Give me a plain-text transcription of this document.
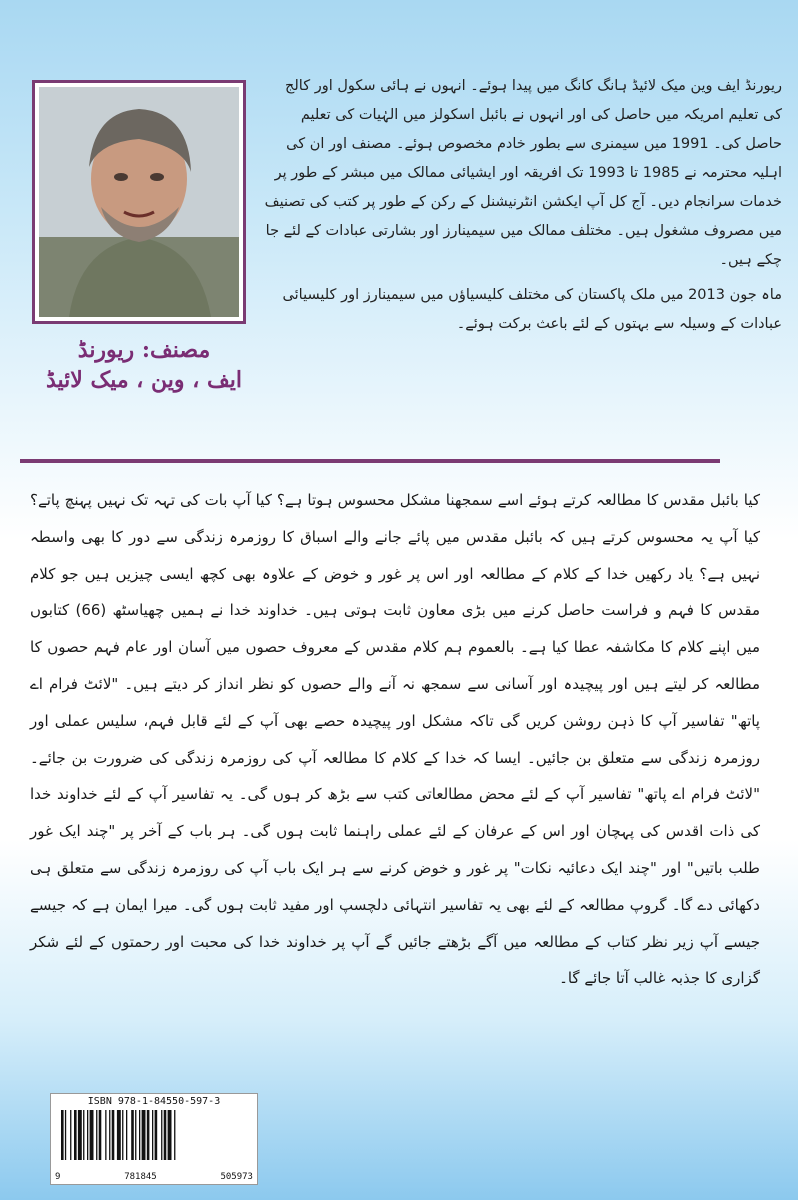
مصنف: ریورنڈ
ایف ، وین ، میک لائیڈ

ریورنڈ ایف وین میک لائیڈ ہانگ کانگ میں پیدا ہوئے۔ انہوں نے ہائی سکول اور کالج کی تعلیم امریکہ میں حاصل کی اور انہوں نے بائبل اسکولز میں الہٰیات کی تعلیم حاصل کی۔ 1991 میں سیمنری سے بطور خادم مخصوص ہوئے۔ مصنف اور ان کی اہلیہ محترمہ نے 1985 تا 1993 تک افریقہ اور ایشیائی ممالک میں مبشر کے طور پر خدمات سرانجام دیں۔ آج کل آپ ایکشن انٹرنیشنل کے رکن کے طور پر کتب کی تصنیف میں مصروف مشغول ہیں۔ مختلف ممالک میں سیمینارز اور بشارتی عبادات کے لئے جا چکے ہیں۔

ماہ جون 2013 میں ملک پاکستان کی مختلف کلیسیاؤں میں سیمینارز اور کلیسیائی عبادات کے وسیلہ سے بہتوں کے لئے باعث برکت ہوئے۔

کیا بائبل مقدس کا مطالعہ کرتے ہوئے اسے سمجھنا مشکل محسوس ہوتا ہے؟ کیا آپ بات کی تہہ تک نہیں پہنچ پاتے؟ کیا آپ یہ محسوس کرتے ہیں کہ بائبل مقدس میں پائے جانے والے اسباق کا روزمرہ زندگی سے دور کا بھی واسطہ نہیں ہے؟ یاد رکھیں خدا کے کلام کے مطالعہ اور اس پر غور و خوض کے علاوہ بھی کچھ ایسی چیزیں ہیں جو کلام مقدس کا فہم و فراست حاصل کرنے میں بڑی معاون ثابت ہوتی ہیں۔ خداوند خدا نے ہمیں چھیاسٹھ (66) کتابوں میں اپنے کلام کا مکاشفہ عطا کیا ہے۔ بالعموم ہم کلام مقدس کے معروف حصوں میں آسان اور عام فہم حصوں کا مطالعہ کر لیتے ہیں اور پیچیدہ اور آسانی سے سمجھ نہ آنے والے حصوں کو نظر انداز کر دیتے ہیں۔ "لائٹ فرام اے پاتھ" تفاسیر آپ کا ذہن روشن کریں گی تاکہ مشکل اور پیچیدہ حصے بھی آپ کے لئے قابل فہم، سلیس عملی اور روزمرہ زندگی سے متعلق بن جائیں۔ ایسا کہ خدا کے کلام کا مطالعہ آپ کی روزمرہ زندگی کی ضرورت بن جائے۔ "لائٹ فرام اے پاتھ" تفاسیر آپ کے لئے محض مطالعاتی کتب سے بڑھ کر ہوں گی۔ یہ تفاسیر آپ کے لئے خداوند خدا کی ذات اقدس کی پہچان اور اس کے عرفان کے لئے عملی راہنما ثابت ہوں گی۔ ہر باب کے آخر پر "چند ایک غور طلب باتیں" اور "چند ایک دعائیہ نکات" پر غور و خوض کرنے سے ہر ایک باب آپ کی روزمرہ زندگی سے متعلق ہی دکھائی دے گا۔ گروپ مطالعہ کے لئے بھی یہ تفاسیر انتہائی دلچسپ اور مفید ثابت ہوں گی۔ میرا ایمان ہے کہ جیسے جیسے آپ زیر نظر کتاب کے مطالعہ میں آگے بڑھتے جائیں گے آپ پر خداوند خدا کی محبت اور رحمتوں کے لئے شکر گزاری کا جذبہ غالب آتا جائے گا۔

ISBN 978-1-84550-597-3
9	781845	505973
